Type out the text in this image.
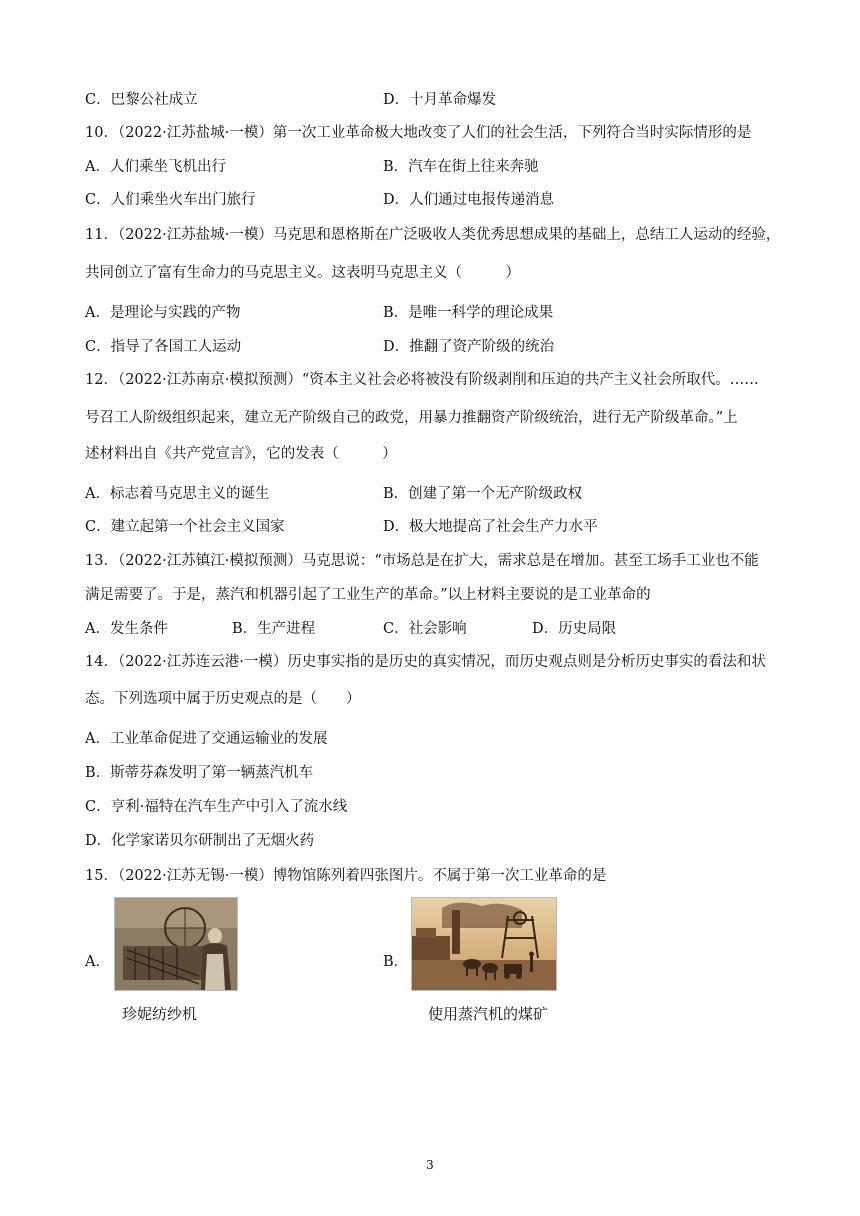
C．巴黎公社成立	D．十月革命爆发
10．（2022·江苏盐城·一模）第一次工业革命极大地改变了人们的社会生活，下列符合当时实际情形的是
A．人们乘坐飞机出行	B．汽车在街上往来奔驰
C．人们乘坐火车出门旅行	D．人们通过电报传递消息
11．（2022·江苏盐城·一模）马克思和恩格斯在广泛吸收人类优秀思想成果的基础上，总结工人运动的经验，
共同创立了富有生命力的马克思主义。这表明马克思主义（　　　）
A．是理论与实践的产物	B．是唯一科学的理论成果
C．指导了各国工人运动	D．推翻了资产阶级的统治
12．（2022·江苏南京·模拟预测）“资本主义社会必将被没有阶级剥削和压迫的共产主义社会所取代。……
号召工人阶级组织起来，建立无产阶级自己的政党，用暴力推翻资产阶级统治，进行无产阶级革命。”上
述材料出自《共产党宣言》，它的发表（　　　）
A．标志着马克思主义的诞生	B．创建了第一个无产阶级政权
C．建立起第一个社会主义国家	D．极大地提高了社会生产力水平
13．（2022·江苏镇江·模拟预测）马克思说：“市场总是在扩大，需求总是在增加。甚至工场手工业也不能
满足需要了。于是，蒸汽和机器引起了工业生产的革命。”以上材料主要说的是工业革命的
A．发生条件	B．生产进程	C．社会影响	D．历史局限
14．（2022·江苏连云港·一模）历史事实指的是历史的真实情况，而历史观点则是分析历史事实的看法和状
态。下列选项中属于历史观点的是（　　）
A．工业革命促进了交通运输业的发展
B．斯蒂芬森发明了第一辆蒸汽机车
C．亨利·福特在汽车生产中引入了流水线
D．化学家诺贝尔研制出了无烟火药
15．（2022·江苏无锡·一模）博物馆陈列着四张图片。不属于第一次工业革命的是
A．
珍妮纺纱机
B．
使用蒸汽机的煤矿
3
